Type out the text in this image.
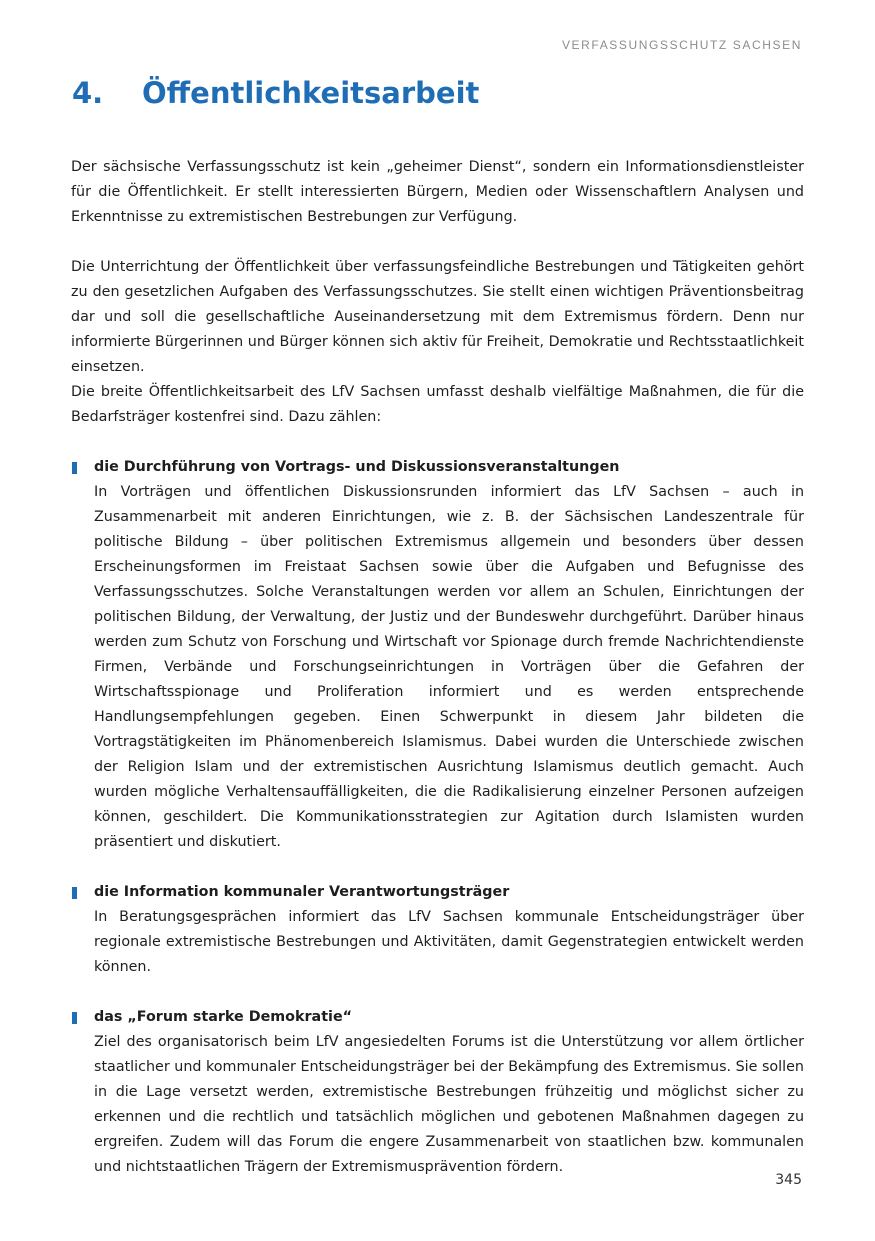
VERFASSUNGSSCHUTZ SACHSEN
4. Öffentlichkeitsarbeit

Der sächsische Verfassungsschutz ist kein „geheimer Dienst“, sondern ein Informationsdienstleister für die Öffentlichkeit. Er stellt interessierten Bürgern, Medien oder Wissenschaftlern Analysen und Erkenntnisse zu extremistischen Bestrebungen zur Verfügung.

Die Unterrichtung der Öffentlichkeit über verfassungsfeindliche Bestrebungen und Tätigkeiten gehört zu den gesetzlichen Aufgaben des Verfassungsschutzes. Sie stellt einen wichtigen Präventionsbeitrag dar und soll die gesellschaftliche Auseinandersetzung mit dem Extremismus fördern. Denn nur informierte Bürgerinnen und Bürger können sich aktiv für Freiheit, Demokratie und Rechtsstaatlichkeit einsetzen.

Die breite Öffentlichkeitsarbeit des LfV Sachsen umfasst deshalb vielfältige Maßnahmen, die für die Bedarfsträger kostenfrei sind. Dazu zählen:

die Durchführung von Vortrags- und Diskussionsveranstaltungen

In Vorträgen und öffentlichen Diskussionsrunden informiert das LfV Sachsen – auch in Zusammenarbeit mit anderen Einrichtungen, wie z. B. der Sächsischen Landeszentrale für politische Bildung – über politischen Extremismus allgemein und besonders über dessen Erscheinungsformen im Freistaat Sachsen sowie über die Aufgaben und Befugnisse des Verfassungsschutzes. Solche Veranstaltungen werden vor allem an Schulen, Einrichtungen der politischen Bildung, der Verwaltung, der Justiz und der Bundeswehr durchgeführt. Darüber hinaus werden zum Schutz von Forschung und Wirtschaft vor Spionage durch fremde Nachrichtendienste Firmen, Verbände und Forschungseinrichtungen in Vorträgen über die Gefahren der Wirtschaftsspionage und Proliferation informiert und es werden entsprechende Handlungsempfehlungen gegeben. Einen Schwerpunkt in diesem Jahr bildeten die Vortragstätigkeiten im Phänomenbereich Islamismus. Dabei wurden die Unterschiede zwischen der Religion Islam und der extremistischen Ausrichtung Islamismus deutlich gemacht. Auch wurden mögliche Verhaltensauffälligkeiten, die die Radikalisierung einzelner Personen aufzeigen können, geschildert. Die Kommunikationsstrategien zur Agitation durch Islamisten wurden präsentiert und diskutiert.

die Information kommunaler Verantwortungsträger

In Beratungsgesprächen informiert das LfV Sachsen kommunale Entscheidungsträger über regionale extremistische Bestrebungen und Aktivitäten, damit Gegenstrategien entwickelt werden können.

das „Forum starke Demokratie“

Ziel des organisatorisch beim LfV angesiedelten Forums ist die Unterstützung vor allem örtlicher staatlicher und kommunaler Entscheidungsträger bei der Bekämpfung des Extremismus. Sie sollen in die Lage versetzt werden, extremistische Bestrebungen frühzeitig und möglichst sicher zu erkennen und die rechtlich und tatsächlich möglichen und gebotenen Maßnahmen dagegen zu ergreifen. Zudem will das Forum die engere Zusammenarbeit von staatlichen bzw. kommunalen und nichtstaatlichen Trägern der Extremismusprävention fördern.

345
